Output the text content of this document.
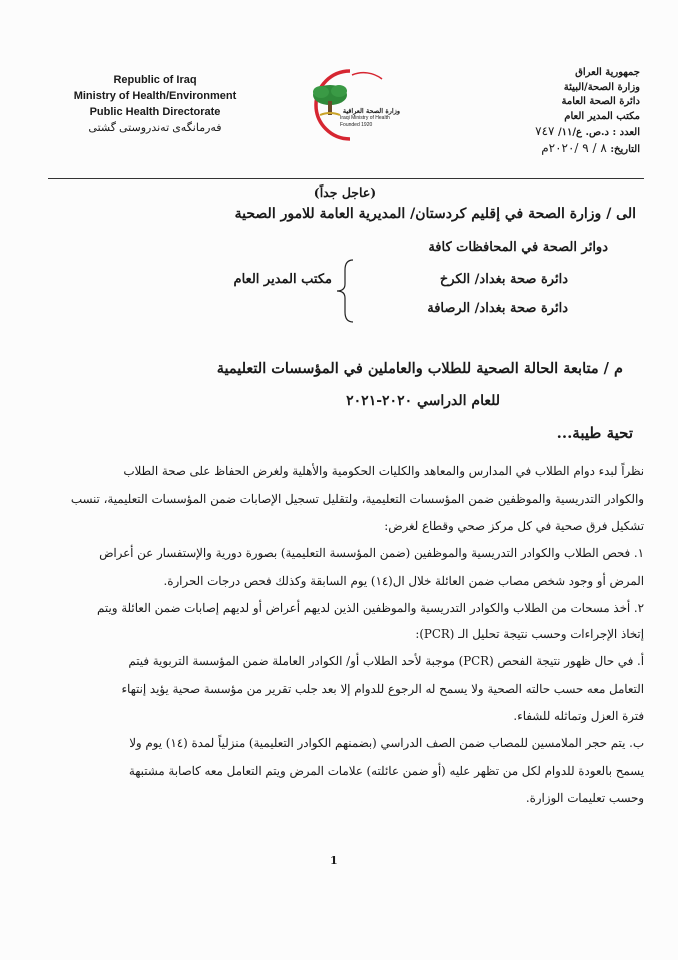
Republic of Iraq
Ministry of Health/Environment
Public Health Directorate
فەرمانگەی تەندروستی گشتی
وزارة الصحة العراقية
Iraqi Ministry of Health
Founded 1920
جمهورية العراق
وزارة الصحة/البيئة
دائرة الصحة العامة
مكتب المدير العام
العدد : د.ص. ع/١١/ ٧٤٧
التاريخ: ٨ / ٩ /٢٠٢٠م
(عاجل جداً)
الى / وزارة الصحة في إقليم كردستان/ المديرية العامة للامور الصحية
دوائر الصحة في المحافظات كافة
دائرة صحة بغداد/ الكرخ
دائرة صحة بغداد/ الرصافة
مكتب المدير العام
م / متابعة الحالة الصحية للطلاب والعاملين في المؤسسات التعليمية
للعام الدراسي ٢٠٢٠-٢٠٢١
تحية طيبة...
نظراً لبدء دوام الطلاب في المدارس والمعاهد والكليات الحكومية والأهلية ولغرض الحفاظ على صحة الطلاب
والكوادر التدريسية والموظفين ضمن المؤسسات التعليمية، ولتقليل تسجيل الإصابات ضمن المؤسسات التعليمية، تنسب
تشكيل فرق صحية في كل مركز صحي وقطاع لغرض:
١. فحص الطلاب والكوادر التدريسية والموظفين (ضمن المؤسسة التعليمية) بصورة دورية والإستفسار عن أعراض
المرض أو وجود شخص مصاب ضمن العائلة خلال ال(١٤) يوم السابقة وكذلك فحص درجات الحرارة.
٢. أخذ مسحات من الطلاب والكوادر التدريسية والموظفين الذين لديهم أعراض أو لديهم إصابات ضمن العائلة ويتم
إتخاذ الإجراءات وحسب نتيجة تحليل الـ (PCR):
أ. في حال ظهور نتيجة الفحص (PCR) موجبة لأحد الطلاب أو/ الكوادر العاملة ضمن المؤسسة التربوية فيتم
التعامل معه حسب حالته الصحية ولا يسمح له الرجوع للدوام إلا بعد جلب تقرير من مؤسسة صحية يؤيد إنتهاء
فترة العزل وتماثله للشفاء.
ب. يتم حجر الملامسين للمصاب ضمن الصف الدراسي (بضمنهم الكوادر التعليمية) منزلياً لمدة (١٤) يوم ولا
يسمح بالعودة للدوام لكل من تظهر عليه (أو ضمن عائلته) علامات المرض ويتم التعامل معه كاصابة مشتبهة
وحسب تعليمات الوزارة.
1
